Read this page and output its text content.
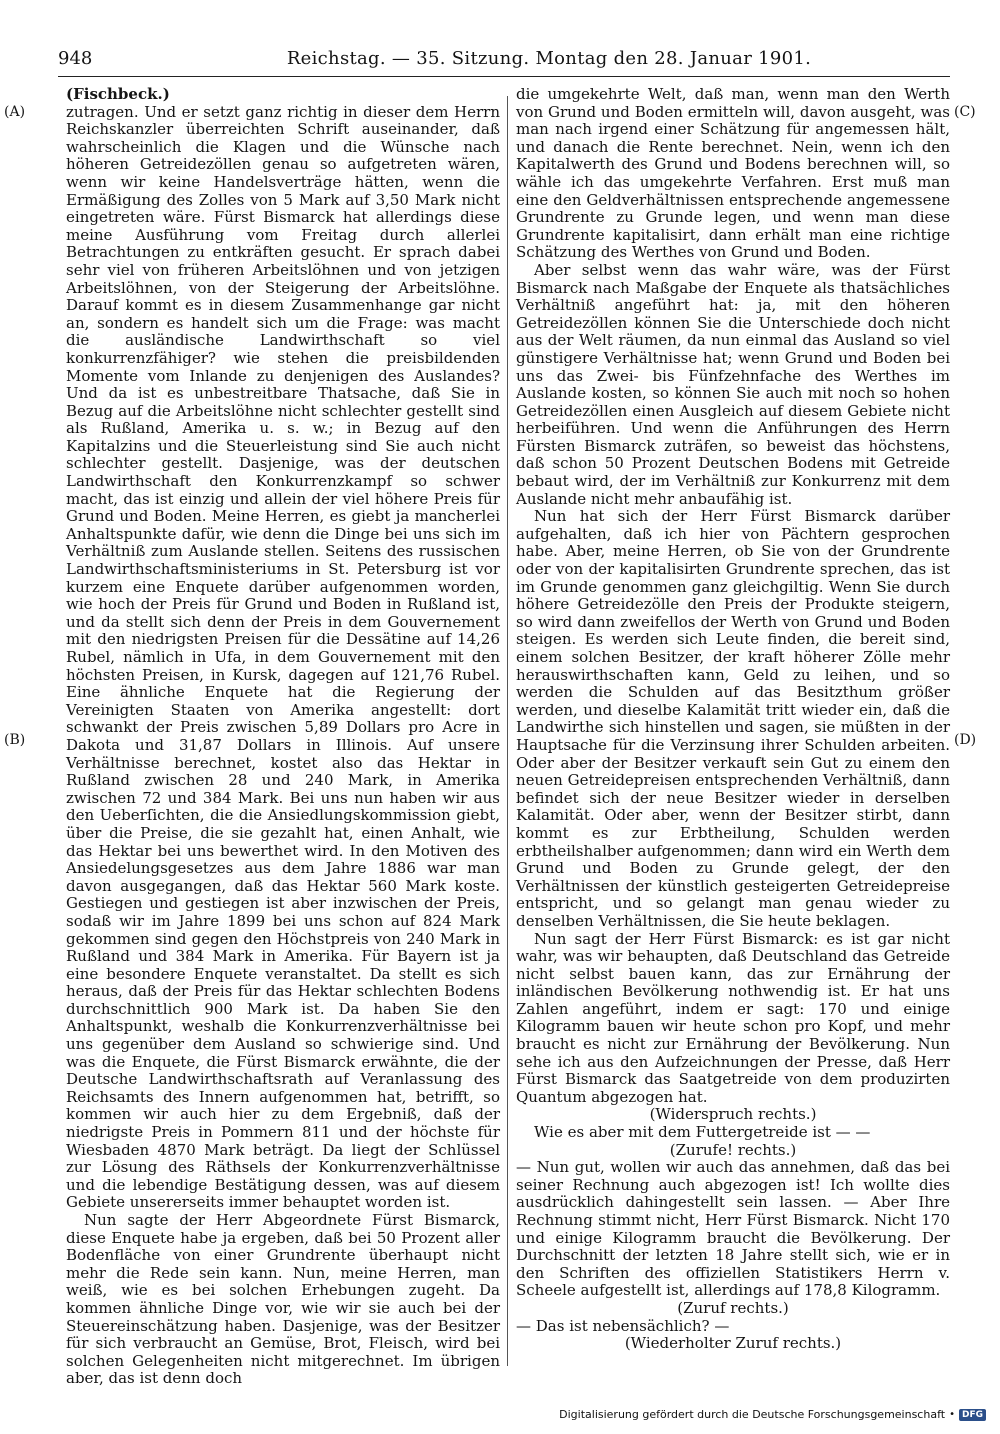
948	Reichstag. — 35. Sitzung. Montag den 28. Januar 1901.
(A)
(B)
(C)
(D)

(Fischbeck.)

zutragen. Und er setzt ganz richtig in dieser dem Herrn Reichskanzler überreichten Schrift auseinander, daß wahrscheinlich die Klagen und die Wünsche nach höheren Getreidezöllen genau so aufgetreten wären, wenn wir keine Handelsverträge hätten, wenn die Ermäßigung des Zolles von 5 Mark auf 3,50 Mark nicht eingetreten wäre. Fürst Bismarck hat allerdings diese meine Ausführung vom Freitag durch allerlei Betrachtungen zu entkräften gesucht. Er sprach dabei sehr viel von früheren Arbeitslöhnen und von jetzigen Arbeitslöhnen, von der Steigerung der Arbeitslöhne. Darauf kommt es in diesem Zusammenhange gar nicht an, sondern es handelt sich um die Frage: was macht die ausländische Landwirthschaft so viel konkurrenzfähiger? wie stehen die preisbildenden Momente vom Inlande zu denjenigen des Auslandes? Und da ist es unbestreitbare Thatsache, daß Sie in Bezug auf die Arbeitslöhne nicht schlechter gestellt sind als Rußland, Amerika u. s. w.; in Bezug auf den Kapitalzins und die Steuerleistung sind Sie auch nicht schlechter gestellt. Dasjenige, was der deutschen Landwirthschaft den Konkurrenzkampf so schwer macht, das ist einzig und allein der viel höhere Preis für Grund und Boden. Meine Herren, es giebt ja mancherlei Anhaltspunkte dafür, wie denn die Dinge bei uns sich im Verhältniß zum Auslande stellen. Seitens des russischen Landwirthschaftsministeriums in St. Petersburg ist vor kurzem eine Enquete darüber aufgenommen worden, wie hoch der Preis für Grund und Boden in Rußland ist, und da stellt sich denn der Preis in dem Gouvernement mit den niedrigsten Preisen für die Dessätine auf 14,26 Rubel, nämlich in Ufa, in dem Gouvernement mit den höchsten Preisen, in Kursk, dagegen auf 121,76 Rubel. Eine ähnliche Enquete hat die Regierung der Vereinigten Staaten von Amerika angestellt: dort schwankt der Preis zwischen 5,89 Dollars pro Acre in Dakota und 31,87 Dollars in Illinois. Auf unsere Verhältnisse berechnet, kostet also das Hektar in Rußland zwischen 28 und 240 Mark, in Amerika zwischen 72 und 384 Mark. Bei uns nun haben wir aus den Ueberſichten, die die Ansiedlungskommission giebt, über die Preise, die sie gezahlt hat, einen Anhalt, wie das Hektar bei uns bewerthet wird. In den Motiven des Ansiedelungsgesetzes aus dem Jahre 1886 war man davon ausgegangen, daß das Hektar 560 Mark koste. Gestiegen und gestiegen ist aber inzwischen der Preis, sodaß wir im Jahre 1899 bei uns schon auf 824 Mark gekommen sind gegen den Höchstpreis von 240 Mark in Rußland und 384 Mark in Amerika. Für Bayern ist ja eine besondere Enquete veranstaltet. Da stellt es sich heraus, daß der Preis für das Hektar schlechten Bodens durchschnittlich 900 Mark ist. Da haben Sie den Anhaltspunkt, weshalb die Konkurrenzverhältnisse bei uns gegenüber dem Ausland so schwierige sind. Und was die Enquete, die Fürst Bismarck erwähnte, die der Deutsche Landwirthschaftsrath auf Veranlassung des Reichsamts des Innern aufgenommen hat, betrifft, so kommen wir auch hier zu dem Ergebniß, daß der niedrigste Preis in Pommern 811 und der höchste für Wiesbaden 4870 Mark beträgt. Da liegt der Schlüssel zur Lösung des Räthsels der Konkurrenzverhältnisse und die lebendige Bestätigung dessen, was auf diesem Gebiete unsererseits immer behauptet worden ist.

Nun sagte der Herr Abgeordnete Fürst Bismarck, diese Enquete habe ja ergeben, daß bei 50 Prozent aller Bodenfläche von einer Grundrente überhaupt nicht mehr die Rede sein kann. Nun, meine Herren, man weiß, wie es bei solchen Erhebungen zugeht. Da kommen ähnliche Dinge vor, wie wir sie auch bei der Steuereinschätzung haben. Dasjenige, was der Besitzer für sich verbraucht an Gemüse, Brot, Fleisch, wird bei solchen Gelegenheiten nicht mitgerechnet. Im übrigen aber, das ist denn doch

die umgekehrte Welt, daß man, wenn man den Werth von Grund und Boden ermitteln will, davon ausgeht, was man nach irgend einer Schätzung für angemessen hält, und danach die Rente berechnet. Nein, wenn ich den Kapitalwerth des Grund und Bodens berechnen will, so wähle ich das umgekehrte Verfahren. Erst muß man eine den Geldverhältnissen entsprechende angemessene Grundrente zu Grunde legen, und wenn man diese Grundrente kapitalisirt, dann erhält man eine richtige Schätzung des Werthes von Grund und Boden.

Aber selbst wenn das wahr wäre, was der Fürst Bismarck nach Maßgabe der Enquete als thatsächliches Verhältniß angeführt hat: ja, mit den höheren Getreidezöllen können Sie die Unterschiede doch nicht aus der Welt räumen, da nun einmal das Ausland so viel günstigere Verhältnisse hat; wenn Grund und Boden bei uns das Zwei- bis Fünfzehnfache des Werthes im Auslande kosten, so können Sie auch mit noch so hohen Getreidezöllen einen Ausgleich auf diesem Gebiete nicht herbeiführen. Und wenn die Anführungen des Herrn Fürsten Bismarck zuträfen, so beweist das höchstens, daß schon 50 Prozent Deutschen Bodens mit Getreide bebaut wird, der im Verhältniß zur Konkurrenz mit dem Auslande nicht mehr anbaufähig ist.

Nun hat sich der Herr Fürst Bismarck darüber aufgehalten, daß ich hier von Pächtern gesprochen habe. Aber, meine Herren, ob Sie von der Grundrente oder von der kapitalisirten Grundrente sprechen, das ist im Grunde genommen ganz gleichgiltig. Wenn Sie durch höhere Getreidezölle den Preis der Produkte steigern, so wird dann zweifellos der Werth von Grund und Boden steigen. Es werden sich Leute finden, die bereit sind, einem solchen Besitzer, der kraft höherer Zölle mehr herauswirthschaften kann, Geld zu leihen, und so werden die Schulden auf das Besitzthum größer werden, und dieselbe Kalamität tritt wieder ein, daß die Landwirthe sich hinstellen und sagen, sie müßten in der Hauptsache für die Verzinsung ihrer Schulden arbeiten. Oder aber der Besitzer verkauft sein Gut zu einem den neuen Getreidepreisen entsprechenden Verhältniß, dann befindet sich der neue Besitzer wieder in derselben Kalamität. Oder aber, wenn der Besitzer stirbt, dann kommt es zur Erbtheilung, Schulden werden erbtheilshalber aufgenommen; dann wird ein Werth dem Grund und Boden zu Grunde gelegt, der den Verhältnissen der künstlich gesteigerten Getreidepreise entspricht, und so gelangt man genau wieder zu denselben Verhältnissen, die Sie heute beklagen.

Nun sagt der Herr Fürst Bismarck: es ist gar nicht wahr, was wir behaupten, daß Deutschland das Getreide nicht selbst bauen kann, das zur Ernährung der inländischen Bevölkerung nothwendig ist. Er hat uns Zahlen angeführt, indem er sagt: 170 und einige Kilogramm bauen wir heute schon pro Kopf, und mehr braucht es nicht zur Ernährung der Bevölkerung. Nun sehe ich aus den Aufzeichnungen der Presse, daß Herr Fürst Bismarck das Saatgetreide von dem produzirten Quantum abgezogen hat.

(Widerspruch rechts.)

Wie es aber mit dem Futtergetreide ist — —

(Zurufe! rechts.)

— Nun gut, wollen wir auch das annehmen, daß das bei seiner Rechnung auch abgezogen ist! Ich wollte dies ausdrücklich dahingestellt sein lassen. — Aber Ihre Rechnung stimmt nicht, Herr Fürst Bismarck. Nicht 170 und einige Kilogramm braucht die Bevölkerung. Der Durchschnitt der letzten 18 Jahre stellt sich, wie er in den Schriften des offiziellen Statistikers Herrn v. Scheele aufgestellt ist, allerdings auf 178,8 Kilogramm.

(Zuruf rechts.)

— Das ist nebensächlich? —

(Wiederholter Zuruf rechts.)

Digitalisierung gefördert durch die Deutsche Forschungsgemeinschaft • DFG
